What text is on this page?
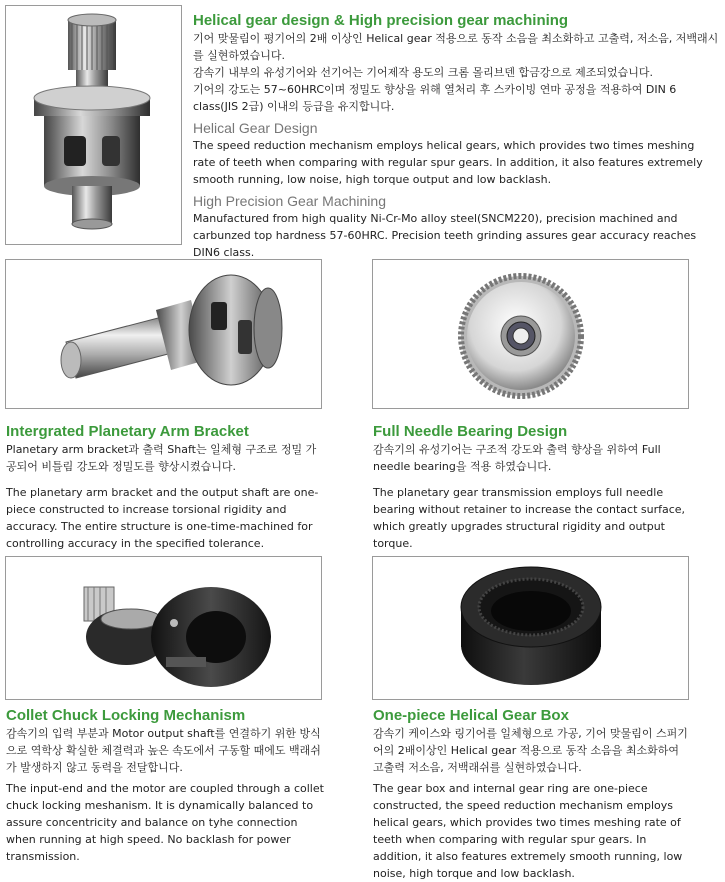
Helical gear design & High precision gear machining

기어 맞물림이 평기어의 2배 이상인 Helical gear 적용으로 동작 소음을 최소화하고 고출력, 저소음, 저백래시를 실현하였습니다.

감속기 내부의 유성기어와 선기어는 기어제작 용도의 크롬 몰리브덴 합금강으로 제조되었습니다.

기어의 강도는 57~60HRC이며 정밀도 향상을 위해 열처리 후 스카이빙 연마 공정을 적용하여 DIN 6 class(JIS 2급) 이내의 등급을 유지합니다.

Helical Gear Design

The speed reduction mechanism employs helical gears, which provides two times meshing rate of teeth when comparing with regular spur gears. In addition, it also features extremely smooth running, low noise, high torque output and low backlash.

High Precision Gear Machining

Manufactured from high quality Ni-Cr-Mo alloy steel(SNCM220), precision machined and carbunzed top hardness 57-60HRC. Precision teeth grinding assures gear accuracy reaches DIN6 class.

Intergrated Planetary Arm Bracket

Planetary arm bracket과 출력 Shaft는 일체형 구조로 정밀 가공되어 비틀림 강도와 정밀도를 향상시켰습니다.

The planetary arm bracket and the output shaft are one-piece constructed to increase torsional rigidity and accuracy. The entire structure is one-time-machined for controlling accuracy in the specified tolerance.

Full Needle Bearing Design

감속기의 유성기어는 구조적 강도와 출력 향상을 위하여 Full needle bearing을 적용 하였습니다.

The planetary gear transmission employs full needle bearing without retainer to increase the contact surface, which greatly upgrades structural rigidity and output torque.

Collet Chuck Locking Mechanism

감속기의 입력 부분과 Motor output shaft를 연결하기 위한 방식으로 역학상 확실한 체결력과 높은 속도에서 구동할 때에도 백래쉬가 발생하지 않고 동력을 전달합니다.

The input-end and the motor are coupled through a collet chuck locking meshanism. It is dynamically balanced to assure concentricity and balance on tyhe connection when running at high speed. No backlash for power transmission.

One-piece Helical Gear Box

감속기 케이스와 링기어를 일체형으로 가공, 기어 맞물림이 스퍼기어의 2배이상인 Helical gear 적용으로 동작 소음을 최소화하여 고출력 저소음, 저백래쉬를 실현하였습니다.

The gear box and internal gear ring are one-piece constructed, the speed reduction mechanism employs helical gears, which provides two times meshing rate of teeth when comparing with regular spur gears. In addition, it also features extremely smooth running, low noise, high torque and low backlash.
